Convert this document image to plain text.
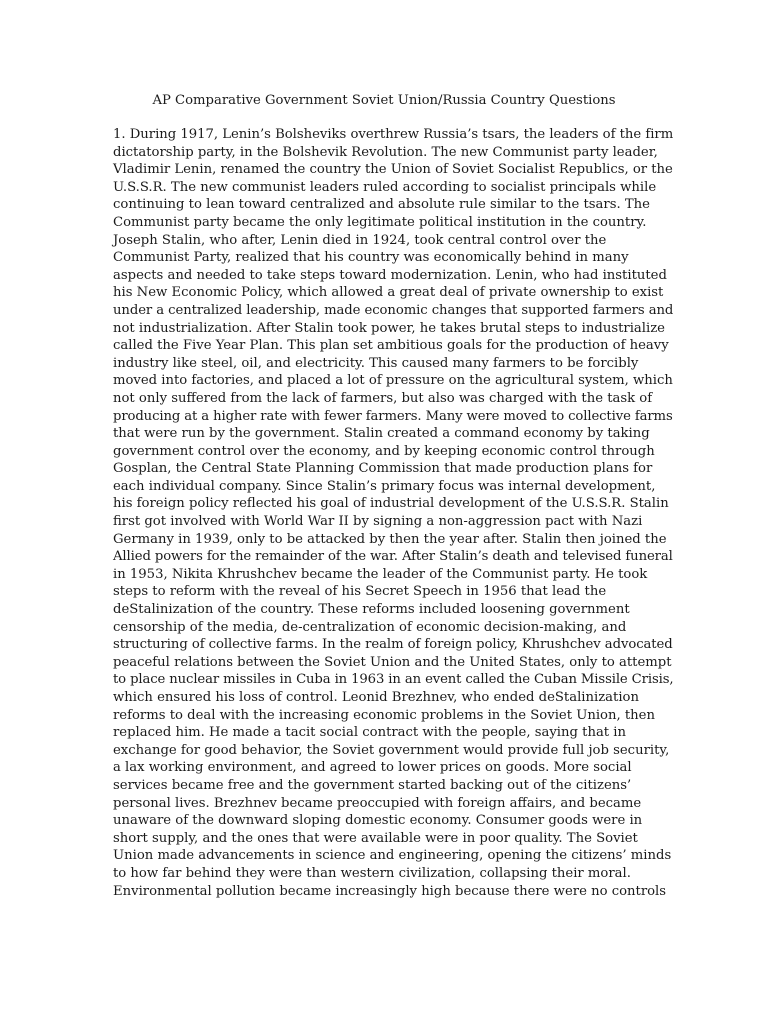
AP Comparative Government Soviet Union/Russia Country Questions
1. During 1917, Lenin’s Bolsheviks overthrew Russia’s tsars, the leaders of the firm
dictatorship party, in the Bolshevik Revolution. The new Communist party leader,
Vladimir Lenin, renamed the country the Union of Soviet Socialist Republics, or the
U.S.S.R. The new communist leaders ruled according to socialist principals while
continuing to lean toward centralized and absolute rule similar to the tsars. The
Communist party became the only legitimate political institution in the country.
Joseph Stalin, who after, Lenin died in 1924, took central control over the
Communist Party, realized that his country was economically behind in many
aspects and needed to take steps toward modernization. Lenin, who had instituted
his New Economic Policy, which allowed a great deal of private ownership to exist
under a centralized leadership, made economic changes that supported farmers and
not industrialization. After Stalin took power, he takes brutal steps to industrialize
called the Five Year Plan. This plan set ambitious goals for the production of heavy
industry like steel, oil, and electricity. This caused many farmers to be forcibly
moved into factories, and placed a lot of pressure on the agricultural system, which
not only suffered from the lack of farmers, but also was charged with the task of
producing at a higher rate with fewer farmers. Many were moved to collective farms
that were run by the government. Stalin created a command economy by taking
government control over the economy, and by keeping economic control through
Gosplan, the Central State Planning Commission that made production plans for
each individual company. Since Stalin’s primary focus was internal development,
his foreign policy reflected his goal of industrial development of the U.S.S.R. Stalin
first got involved with World War II by signing a non-aggression pact with Nazi
Germany in 1939, only to be attacked by then the year after. Stalin then joined the
Allied powers for the remainder of the war. After Stalin’s death and televised funeral
in 1953, Nikita Khrushchev became the leader of the Communist party. He took
steps to reform with the reveal of his Secret Speech in 1956 that lead the
deStalinization of the country. These reforms included loosening government
censorship of the media, de-centralization of economic decision-making, and
structuring of collective farms. In the realm of foreign policy, Khrushchev advocated
peaceful relations between the Soviet Union and the United States, only to attempt
to place nuclear missiles in Cuba in 1963 in an event called the Cuban Missile Crisis,
which ensured his loss of control. Leonid Brezhnev, who ended deStalinization
reforms to deal with the increasing economic problems in the Soviet Union, then
replaced him. He made a tacit social contract with the people, saying that in
exchange for good behavior, the Soviet government would provide full job security,
a lax working environment, and agreed to lower prices on goods. More social
services became free and the government started backing out of the citizens’
personal lives. Brezhnev became preoccupied with foreign affairs, and became
unaware of the downward sloping domestic economy. Consumer goods were in
short supply, and the ones that were available were in poor quality. The Soviet
Union made advancements in science and engineering, opening the citizens’ minds
to how far behind they were than western civilization, collapsing their moral.
Environmental pollution became increasingly high because there were no controls
